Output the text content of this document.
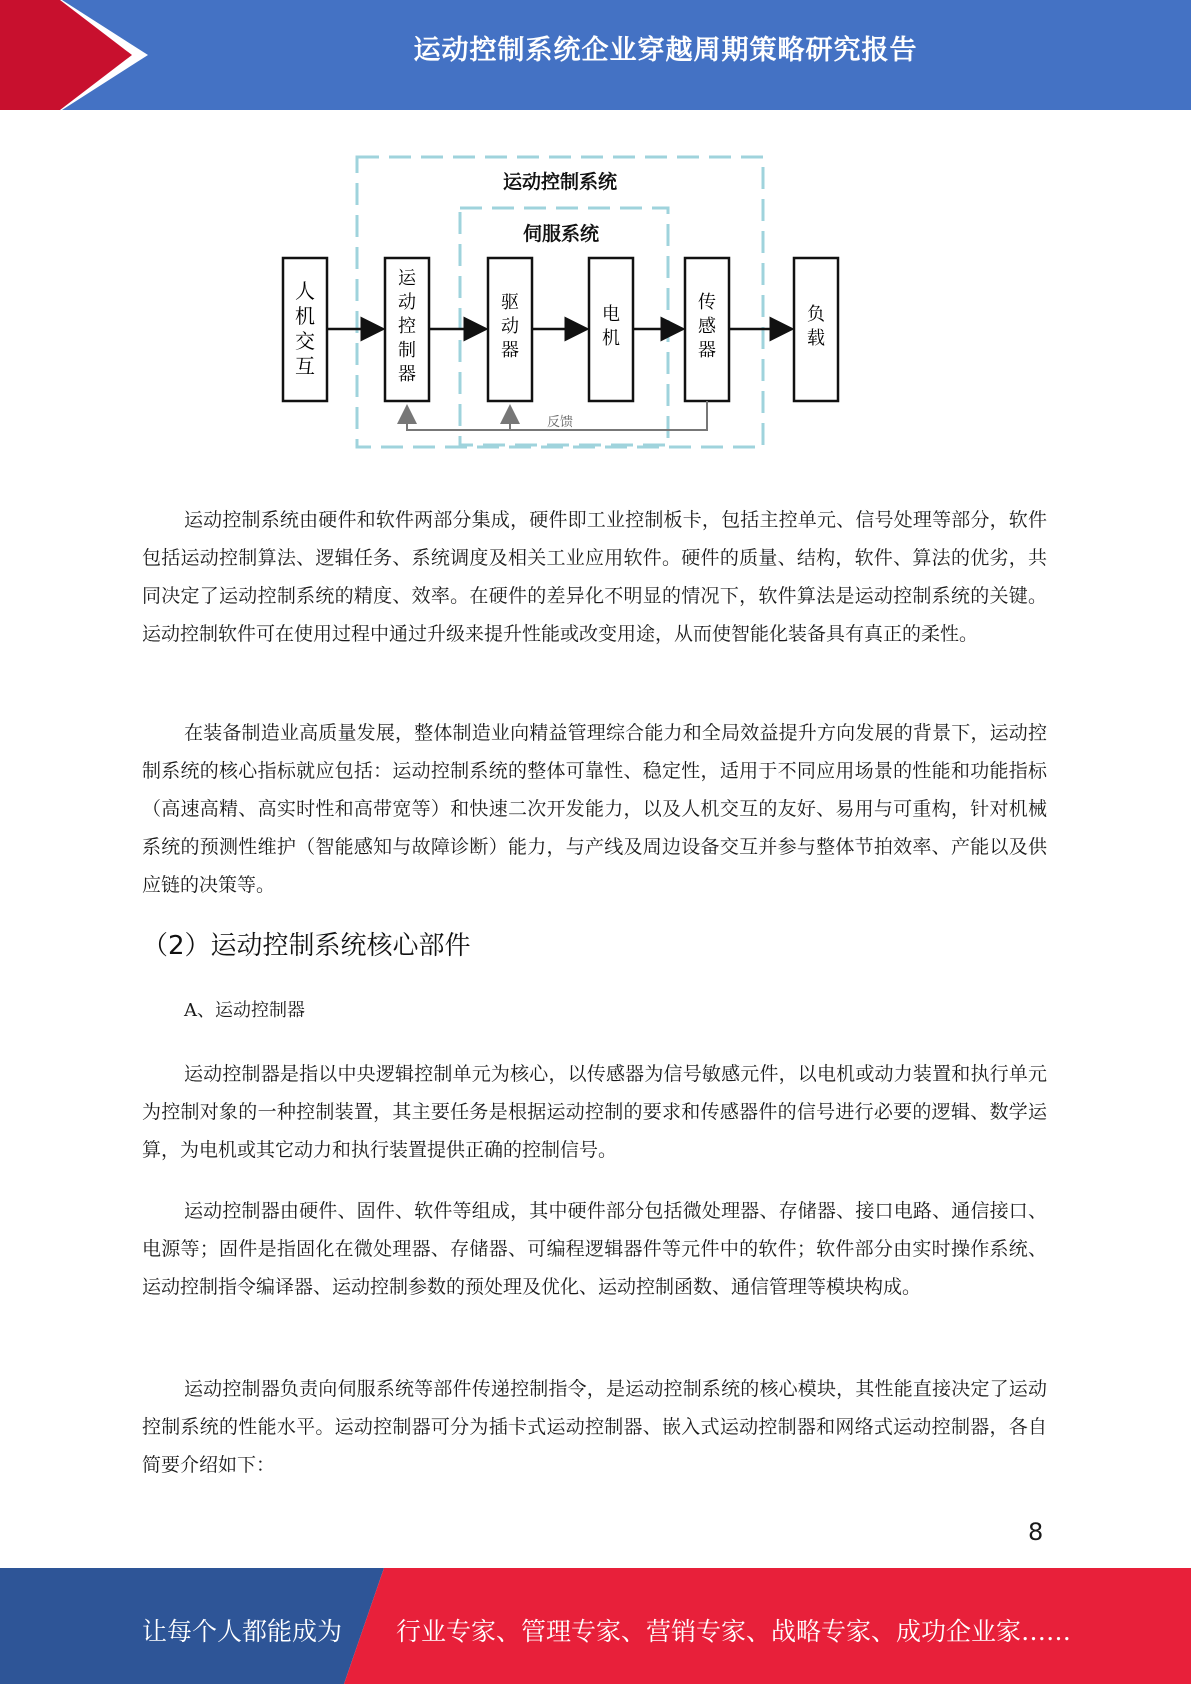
运动控制系统企业穿越周期策略研究报告
运动控制系统
伺服系统
人
机
交
互
运
动
控
制
器
驱
动
器
电
机
传
感
器
负
载
反馈

运动控制系统由硬件和软件两部分集成，硬件即工业控制板卡，包括主控单元、信号处理等部分，软件包括运动控制算法、逻辑任务、系统调度及相关工业应用软件。硬件的质量、结构，软件、算法的优劣，共同决定了运动控制系统的精度、效率。在硬件的差异化不明显的情况下，软件算法是运动控制系统的关键。运动控制软件可在使用过程中通过升级来提升性能或改变用途，从而使智能化装备具有真正的柔性。

在装备制造业高质量发展，整体制造业向精益管理综合能力和全局效益提升方向发展的背景下，运动控制系统的核心指标就应包括：运动控制系统的整体可靠性、稳定性，适用于不同应用场景的性能和功能指标（高速高精、高实时性和高带宽等）和快速二次开发能力，以及人机交互的友好、易用与可重构，针对机械系统的预测性维护（智能感知与故障诊断）能力，与产线及周边设备交互并参与整体节拍效率、产能以及供应链的决策等。

（2）运动控制系统核心部件
A、运动控制器

运动控制器是指以中央逻辑控制单元为核心，以传感器为信号敏感元件，以电机或动力装置和执行单元为控制对象的一种控制装置，其主要任务是根据运动控制的要求和传感器件的信号进行必要的逻辑、数学运算，为电机或其它动力和执行装置提供正确的控制信号。

运动控制器由硬件、固件、软件等组成，其中硬件部分包括微处理器、存储器、接口电路、通信接口、电源等；固件是指固化在微处理器、存储器、可编程逻辑器件等元件中的软件；软件部分由实时操作系统、运动控制指令编译器、运动控制参数的预处理及优化、运动控制函数、通信管理等模块构成。

运动控制器负责向伺服系统等部件传递控制指令，是运动控制系统的核心模块，其性能直接决定了运动控制系统的性能水平。运动控制器可分为插卡式运动控制器、嵌入式运动控制器和网络式运动控制器，各自简要介绍如下：

8
让每个人都能成为 行业专家、管理专家、营销专家、战略专家、成功企业家……
